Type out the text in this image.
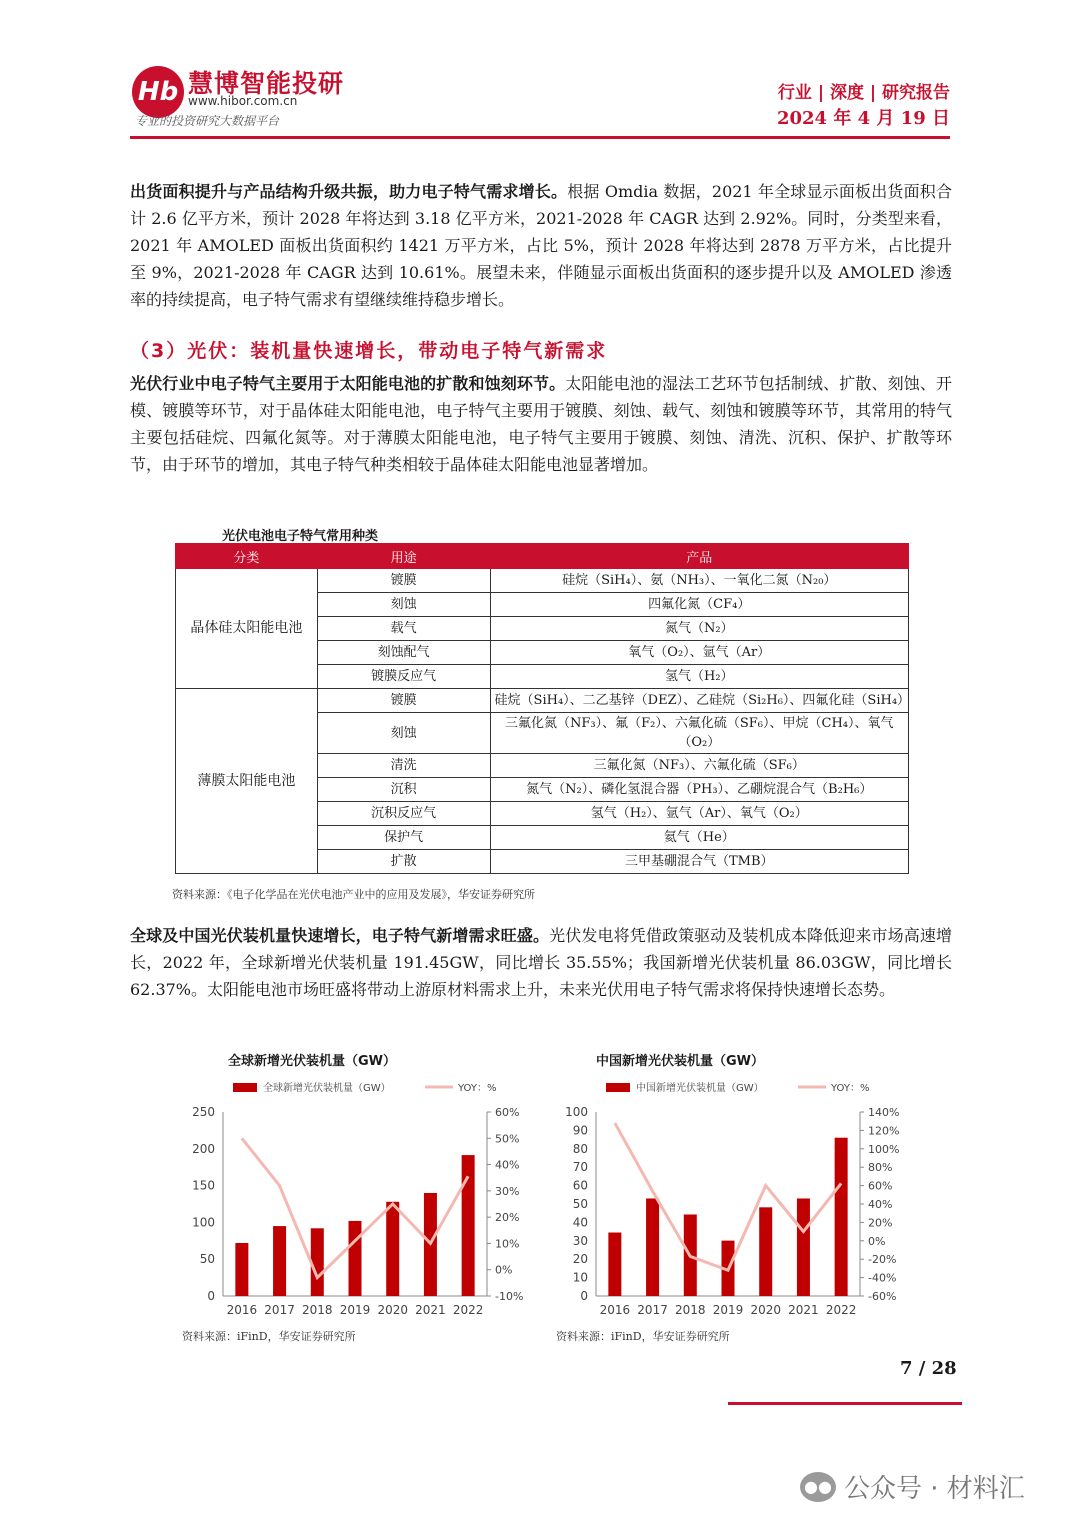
Hb 慧博智能投研
www.hibor.com.cn
专业的投资研究大数据平台
行业 | 深度 | 研究报告
2024 年 4 月 19 日
出货面积提升与产品结构升级共振，助力电子特气需求增长。根据 Omdia 数据，2021 年全球显示面板出货面积合计 2.6 亿平方米，预计 2028 年将达到 3.18 亿平方米，2021-2028 年 CAGR 达到 2.92%。同时，分类型来看，2021 年 AMOLED 面板出货面积约 1421 万平方米，占比 5%，预计 2028 年将达到 2878 万平方米，占比提升至 9%，2021-2028 年 CAGR 达到 10.61%。展望未来，伴随显示面板出货面积的逐步提升以及 AMOLED 渗透率的持续提高，电子特气需求有望继续维持稳步增长。
（3）光伏：装机量快速增长，带动电子特气新需求
光伏行业中电子特气主要用于太阳能电池的扩散和蚀刻环节。太阳能电池的湿法工艺环节包括制绒、扩散、刻蚀、开模、镀膜等环节，对于晶体硅太阳能电池，电子特气主要用于镀膜、刻蚀、载气、刻蚀和镀膜等环节，其常用的特气主要包括硅烷、四氟化氮等。对于薄膜太阳能电池，电子特气主要用于镀膜、刻蚀、清洗、沉积、保护、扩散等环节，由于环节的增加，其电子特气种类相较于晶体硅太阳能电池显著增加。
光伏电池电子特气常用种类
分类	用途	产品
晶体硅太阳能电池	镀膜	硅烷（SiH₄）、氨（NH₃）、一氧化二氮（N₂₀）
	刻蚀	四氟化氮（CF₄）
	载气	氮气（N₂）
	刻蚀配气	氧气（O₂）、氩气（Ar）
	镀膜反应气	氢气（H₂）
薄膜太阳能电池	镀膜	硅烷（SiH₄）、二乙基锌（DEZ）、乙硅烷（Si₂H₆）、四氟化硅（SiH₄）
	刻蚀	三氟化氮（NF₃）、氟（F₂）、六氟化硫（SF₆）、甲烷（CH₄）、氧气（O₂）
	清洗	三氟化氮（NF₃）、六氟化硫（SF₆）
	沉积	氮气（N₂）、磷化氢混合器（PH₃）、乙硼烷混合气（B₂H₆）
	沉积反应气	氢气（H₂）、氩气（Ar）、氧气（O₂）
	保护气	氦气（He）
	扩散	三甲基硼混合气（TMB）
资料来源：《电子化学品在光伏电池产业中的应用及发展》，华安证券研究所
全球及中国光伏装机量快速增长，电子特气新增需求旺盛。光伏发电将凭借政策驱动及装机成本降低迎来市场高速增长，2022 年，全球新增光伏装机量 191.45GW，同比增长 35.55%；我国新增光伏装机量 86.03GW，同比增长 62.37%。太阳能电池市场旺盛将带动上游原材料需求上升，未来光伏用电子特气需求将保持快速增长态势。
全球新增光伏装机量（GW）
全球新增光伏装机量（GW）	YOY：%
0
50
100
150
200
250
-10%
0%
10%
20%
30%
40%
50%
60%
2016 2017 2018 2019 2020 2021 2022
资料来源：iFinD，华安证券研究所
中国新增光伏装机量（GW）
中国新增光伏装机量（GW）	YOY：%
0
10
20
30
40
50
60
70
80
90
100
-60%
-40%
-20%
0%
20%
40%
60%
80%
100%
120%
140%
2016 2017 2018 2019 2020 2021 2022
资料来源：iFinD，华安证券研究所
7 / 28
●● 公众号 · 材料汇
